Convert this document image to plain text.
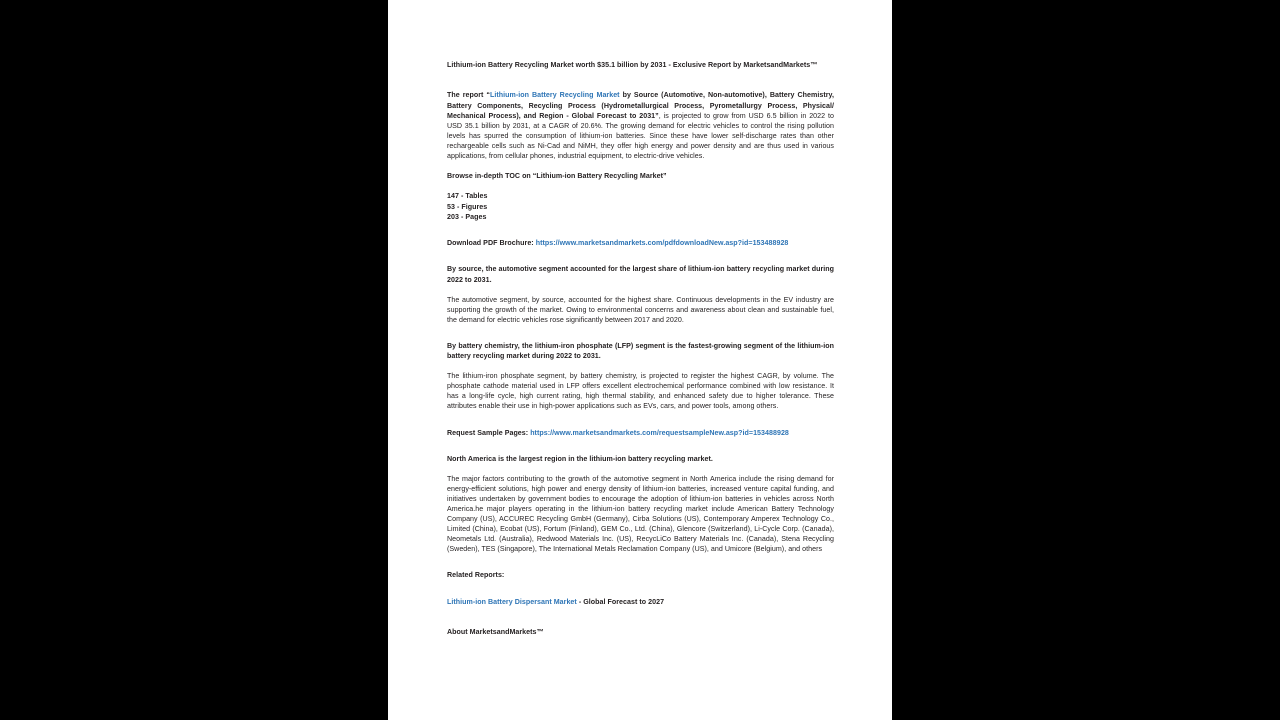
Lithium-ion Battery Recycling Market worth $35.1 billion by 2031 - Exclusive Report by MarketsandMarkets™

The report “Lithium-ion Battery Recycling Market by Source (Automotive, Non-automotive), Battery Chemistry, Battery Components, Recycling Process (Hydrometallurgical Process, Pyrometallurgy Process, Physical/ Mechanical Process), and Region - Global Forecast to 2031”, is projected to grow from USD 6.5 billion in 2022 to USD 35.1 billion by 2031, at a CAGR of 20.6%. The growing demand for electric vehicles to control the rising pollution levels has spurred the consumption of lithium-ion batteries. Since these have lower self-discharge rates than other rechargeable cells such as Ni-Cad and NiMH, they offer high energy and power density and are thus used in various applications, from cellular phones, industrial equipment, to electric-drive vehicles.

Browse in-depth TOC on “Lithium-ion Battery Recycling Market”

147 - Tables

53 - Figures

203 - Pages

Download PDF Brochure: https://www.marketsandmarkets.com/pdfdownloadNew.asp?id=153488928

By source, the automotive segment accounted for the largest share of lithium-ion battery recycling market during 2022 to 2031.

The automotive segment, by source, accounted for the highest share. Continuous developments in the EV industry are supporting the growth of the market. Owing to environmental concerns and awareness about clean and sustainable fuel, the demand for electric vehicles rose significantly between 2017 and 2020.

By battery chemistry, the lithium-iron phosphate (LFP) segment is the fastest-growing segment of the lithium-ion battery recycling market during 2022 to 2031.

The lithium-iron phosphate segment, by battery chemistry, is projected to register the highest CAGR, by volume. The phosphate cathode material used in LFP offers excellent electrochemical performance combined with low resistance. It has a long-life cycle, high current rating, high thermal stability, and enhanced safety due to higher tolerance. These attributes enable their use in high-power applications such as EVs, cars, and power tools, among others.

Request Sample Pages: https://www.marketsandmarkets.com/requestsampleNew.asp?id=153488928

North America is the largest region in the lithium-ion battery recycling market.

The major factors contributing to the growth of the automotive segment in North America include the rising demand for energy-efficient solutions, high power and energy density of lithium-ion batteries, increased venture capital funding, and initiatives undertaken by government bodies to encourage the adoption of lithium-ion batteries in vehicles across North America.he major players operating in the lithium-ion battery recycling market include American Battery Technology Company (US), ACCUREC Recycling GmbH (Germany), Cirba Solutions (US), Contemporary Amperex Technology Co., Limited (China), Ecobat (US), Fortum (Finland), GEM Co., Ltd. (China), Glencore (Switzerland), Li-Cycle Corp. (Canada), Neometals Ltd. (Australia), Redwood Materials Inc. (US), RecycLiCo Battery Materials Inc. (Canada), Stena Recycling (Sweden), TES (Singapore), The International Metals Reclamation Company (US), and Umicore (Belgium), and others

Related Reports:

Lithium-ion Battery Dispersant Market - Global Forecast to 2027

About MarketsandMarkets™
